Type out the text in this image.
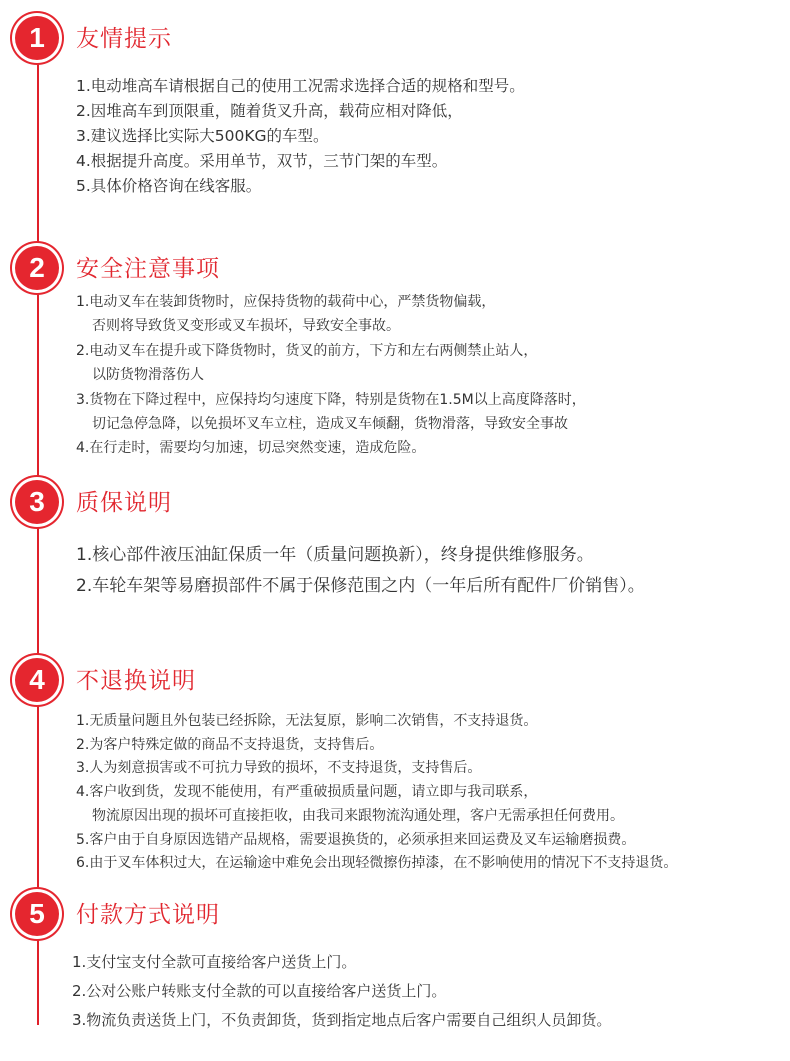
1	友情提示
1.电动堆高车请根据自己的使用工况需求选择合适的规格和型号。
2.因堆高车到顶限重，随着货叉升高，载荷应相对降低，
3.建议选择比实际大500KG的车型。
4.根据提升高度。采用单节，双节，三节门架的车型。
5.具体价格咨询在线客服。
2	安全注意事项
1.电动叉车在装卸货物时，应保持货物的载荷中心，严禁货物偏载，
否则将导致货叉变形或叉车损坏，导致安全事故。
2.电动叉车在提升或下降货物时，货叉的前方，下方和左右两侧禁止站人，
以防货物滑落伤人
3.货物在下降过程中，应保持均匀速度下降，特别是货物在1.5M以上高度降落时，
切记急停急降，以免损坏叉车立柱，造成叉车倾翻，货物滑落，导致安全事故
4.在行走时，需要均匀加速，切忌突然变速，造成危险。
3	质保说明
1.核心部件液压油缸保质一年（质量问题换新），终身提供维修服务。
2.车轮车架等易磨损部件不属于保修范围之内（一年后所有配件厂价销售）。
4	不退换说明
1.无质量问题且外包装已经拆除，无法复原，影响二次销售，不支持退货。
2.为客户特殊定做的商品不支持退货，支持售后。
3.人为刻意损害或不可抗力导致的损坏，不支持退货，支持售后。
4.客户收到货，发现不能使用，有严重破损质量问题，请立即与我司联系，
物流原因出现的损坏可直接拒收，由我司来跟物流沟通处理，客户无需承担任何费用。
5.客户由于自身原因选错产品规格，需要退换货的，必须承担来回运费及叉车运输磨损费。
6.由于叉车体积过大，在运输途中难免会出现轻微擦伤掉漆，在不影响使用的情况下不支持退货。
5	付款方式说明
1.支付宝支付全款可直接给客户送货上门。
2.公对公账户转账支付全款的可以直接给客户送货上门。
3.物流负责送货上门，不负责卸货，货到指定地点后客户需要自己组织人员卸货。
